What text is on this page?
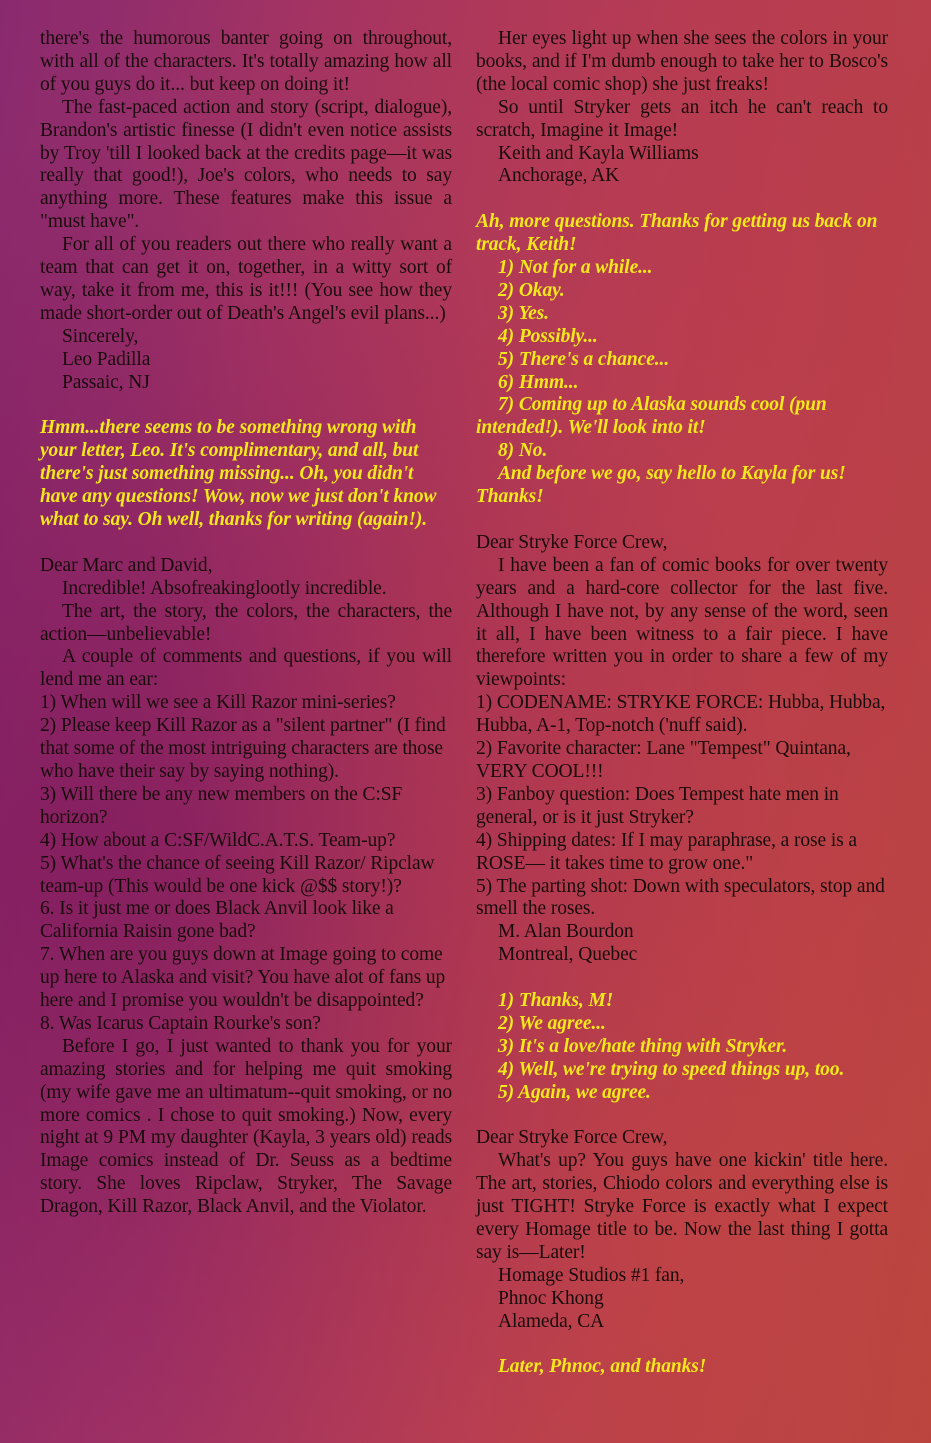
there's the humorous banter going on throughout, with all of the characters. It's totally amazing how all of you guys do it... but keep on doing it!

The fast-paced action and story (script, dialogue), Brandon's artistic finesse (I didn't even notice assists by Troy 'till I looked back at the credits page—it was really that good!), Joe's colors, who needs to say anything more. These features make this issue a "must have".

For all of you readers out there who really want a team that can get it on, together, in a witty sort of way, take it from me, this is it!!! (You see how they made short-order out of Death's Angel's evil plans...)

Sincerely,

Leo Padilla

Passaic, NJ

Hmm...there seems to be something wrong with your letter, Leo. It's complimentary, and all, but there's just something missing... Oh, you didn't have any questions! Wow, now we just don't know what to say. Oh well, thanks for writing (again!).

Dear Marc and David,

Incredible! Absofreakinglootly incredible.

The art, the story, the colors, the characters, the action—unbelievable!

A couple of comments and questions, if you will lend me an ear:

1) When will we see a Kill Razor mini-series?

2) Please keep Kill Razor as a "silent partner" (I find that some of the most intriguing characters are those who have their say by saying nothing).

3) Will there be any new members on the C:SF horizon?

4) How about a C:SF/WildC.A.T.S. Team-up?

5) What's the chance of seeing Kill Razor/ Ripclaw team-up (This would be one kick @$$ story!)?

6. Is it just me or does Black Anvil look like a California Raisin gone bad?

7. When are you guys down at Image going to come up here to Alaska and visit? You have alot of fans up here and I promise you wouldn't be disappointed?

8. Was Icarus Captain Rourke's son?

Before I go, I just wanted to thank you for your amazing stories and for helping me quit smoking (my wife gave me an ultimatum--quit smoking, or no more comics . I chose to quit smoking.) Now, every night at 9 PM my daughter (Kayla, 3 years old) reads Image comics instead of Dr. Seuss as a bedtime story. She loves Ripclaw, Stryker, The Savage Dragon, Kill Razor, Black Anvil, and the Violator.

Her eyes light up when she sees the colors in your books, and if I'm dumb enough to take her to Bosco's (the local comic shop) she just freaks!

So until Stryker gets an itch he can't reach to scratch, Imagine it Image!

Keith and Kayla Williams

Anchorage, AK

Ah, more questions. Thanks for getting us back on track, Keith!

1) Not for a while...

2) Okay.

3) Yes.

4) Possibly...

5) There's a chance...

6) Hmm...

7) Coming up to Alaska sounds cool (pun intended!). We'll look into it!

8) No.

And before we go, say hello to Kayla for us! Thanks!

Dear Stryke Force Crew,

I have been a fan of comic books for over twenty years and a hard-core collector for the last five. Although I have not, by any sense of the word, seen it all, I have been witness to a fair piece. I have therefore written you in order to share a few of my viewpoints:

1) CODENAME: STRYKE FORCE: Hubba, Hubba, Hubba, A-1, Top-notch ('nuff said).

2) Favorite character: Lane "Tempest" Quintana, VERY COOL!!!

3) Fanboy question: Does Tempest hate men in general, or is it just Stryker?

4) Shipping dates: If I may paraphrase, a rose is a ROSE— it takes time to grow one."

5) The parting shot: Down with speculators, stop and smell the roses.

M. Alan Bourdon

Montreal, Quebec

1) Thanks, M!

2) We agree...

3) It's a love/hate thing with Stryker.

4) Well, we're trying to speed things up, too.

5) Again, we agree.

Dear Stryke Force Crew,

What's up? You guys have one kickin' title here. The art, stories, Chiodo colors and everything else is just TIGHT! Stryke Force is exactly what I expect every Homage title to be. Now the last thing I gotta say is—Later!

Homage Studios #1 fan,

Phnoc Khong

Alameda, CA

Later, Phnoc, and thanks!
